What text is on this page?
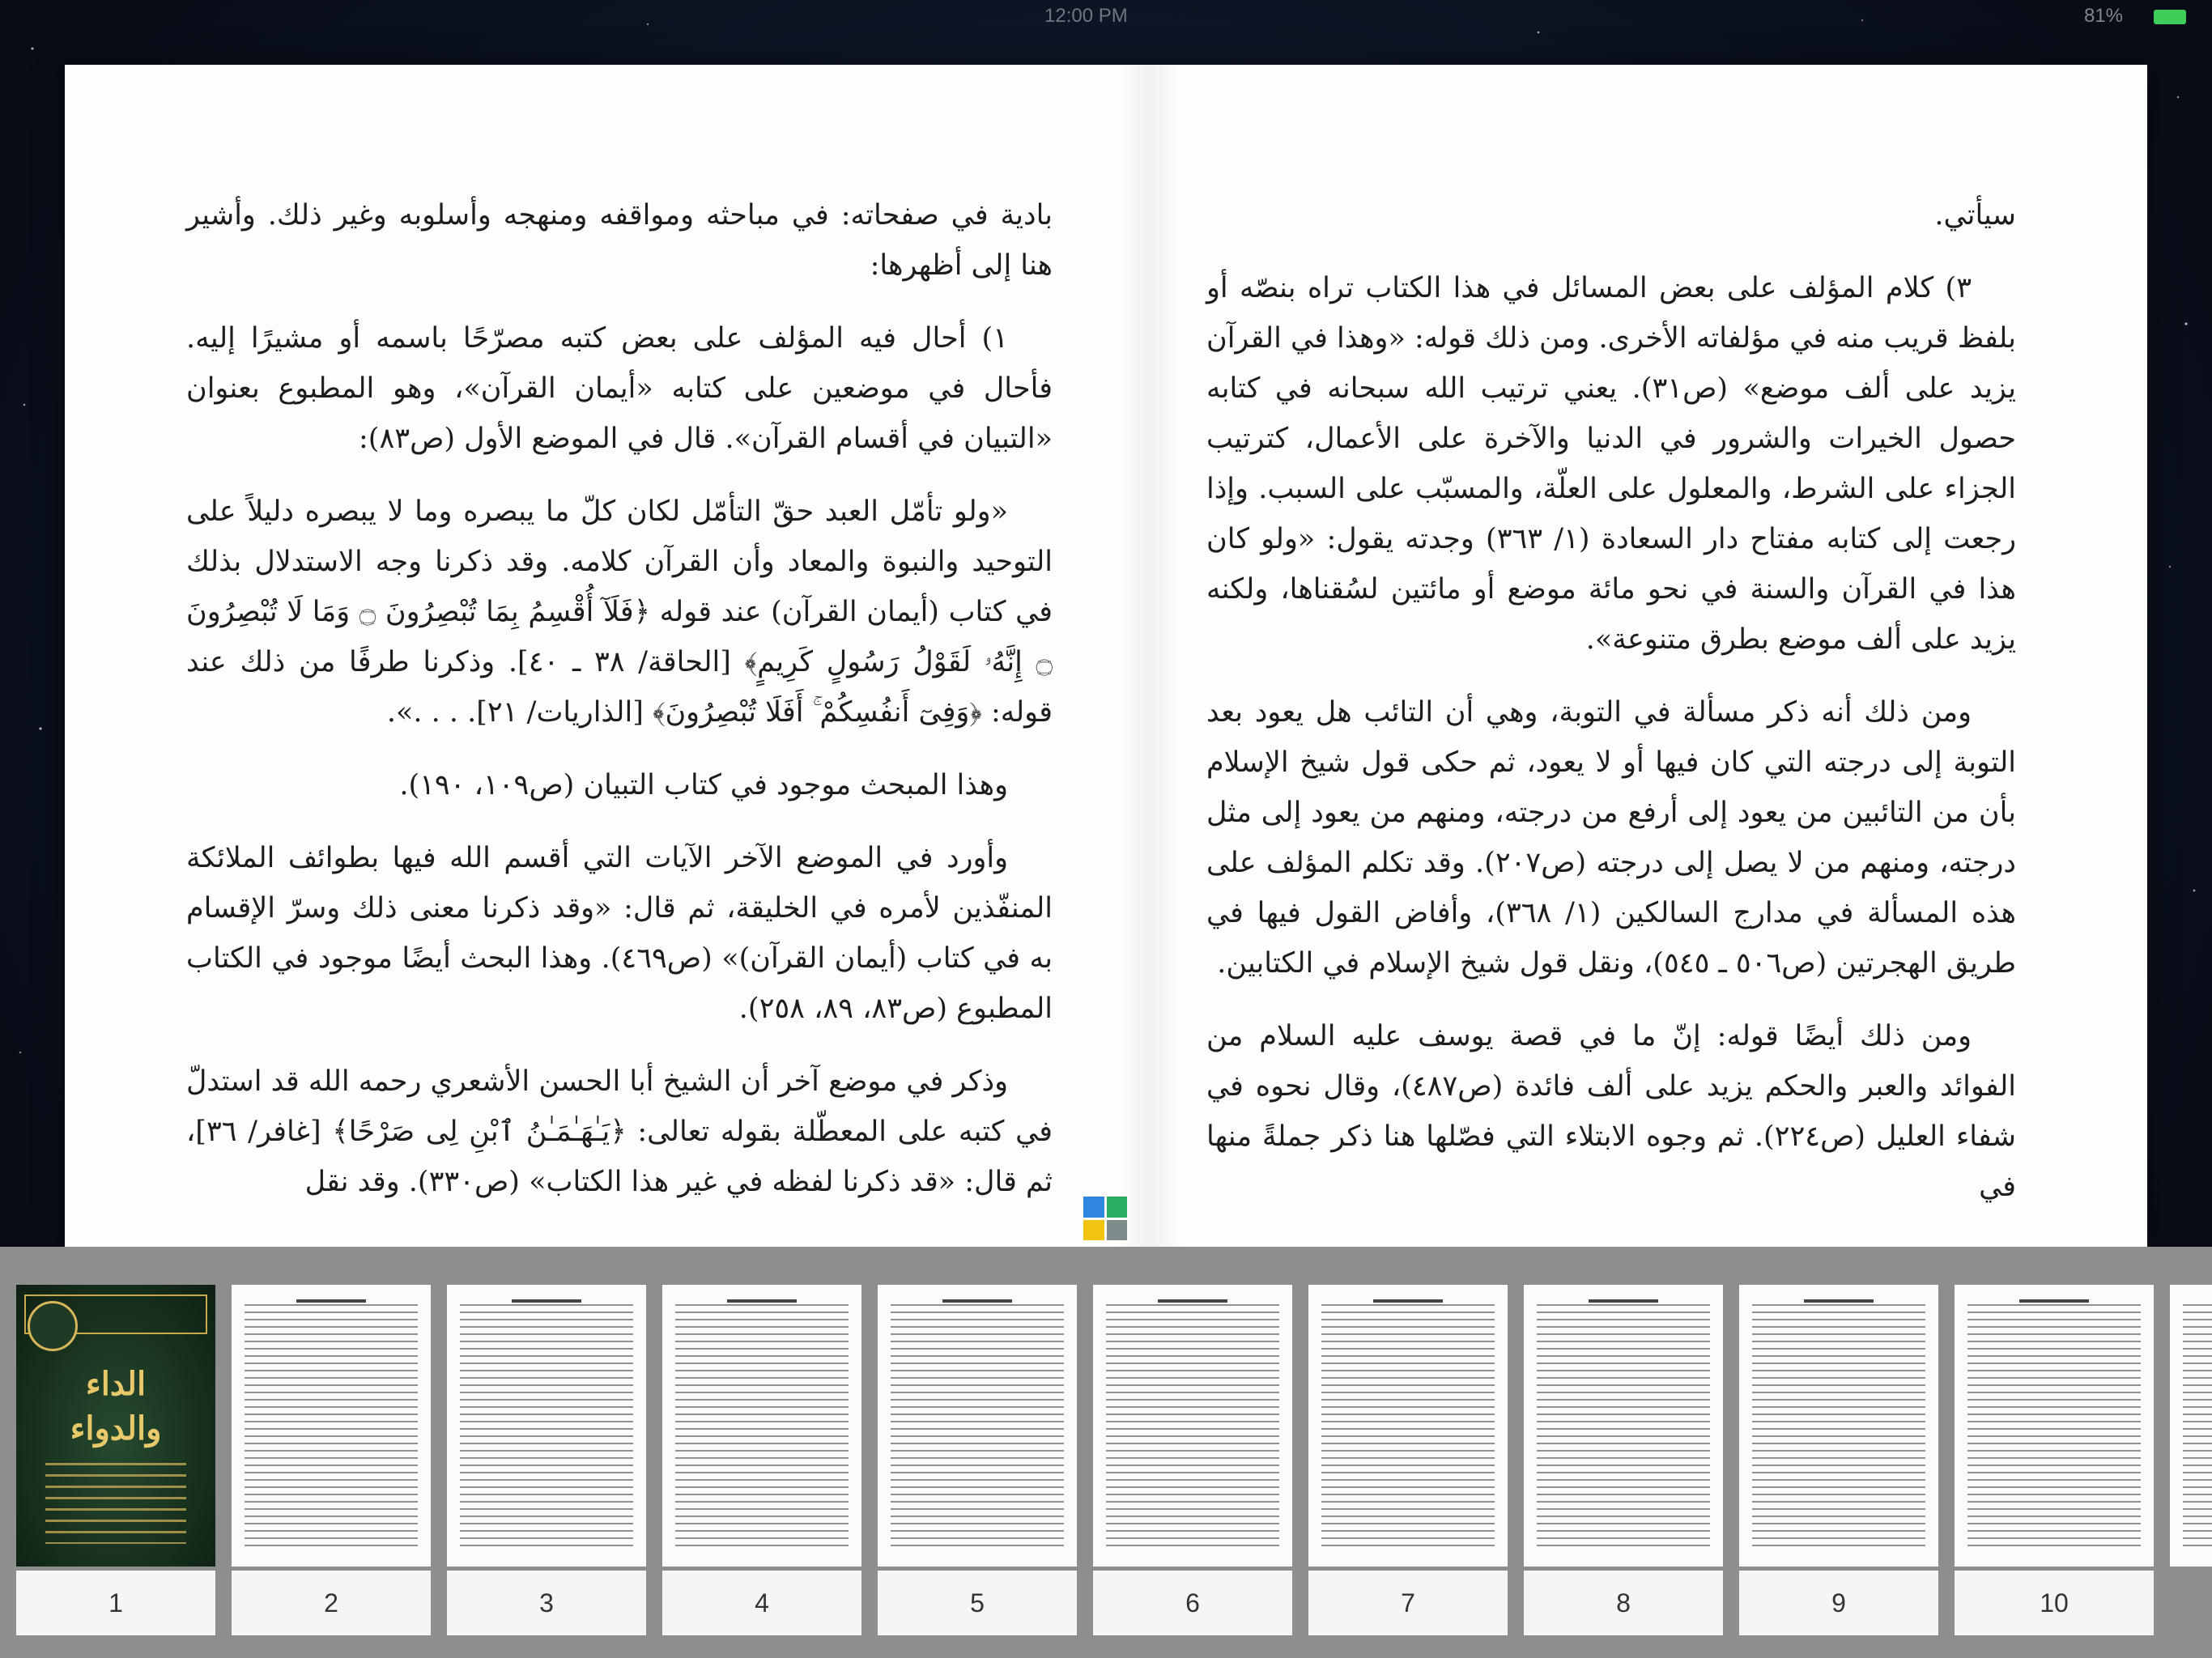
12:00 PM	81%

سيأتي.

٣) كلام المؤلف على بعض المسائل في هذا الكتاب تراه بنصّه أو بلفظ قريب منه في مؤلفاته الأخرى. ومن ذلك قوله: «وهذا في القرآن يزيد على ألف موضع» (ص٣١). يعني ترتيب الله سبحانه في كتابه حصول الخيرات والشرور في الدنيا والآخرة على الأعمال، كترتيب الجزاء على الشرط، والمعلول على العلّة، والمسبّب على السبب. وإذا رجعت إلى كتابه مفتاح دار السعادة (١/ ٣٦٣) وجدته يقول: «ولو كان هذا في القرآن والسنة في نحو مائة موضع أو مائتين لسُقناها، ولكنه يزيد على ألف موضع بطرق متنوعة».

ومن ذلك أنه ذكر مسألة في التوبة، وهي أن التائب هل يعود بعد التوبة إلى درجته التي كان فيها أو لا يعود، ثم حكى قول شيخ الإسلام بأن من التائبين من يعود إلى أرفع من درجته، ومنهم من يعود إلى مثل درجته، ومنهم من لا يصل إلى درجته (ص٢٠٧). وقد تكلم المؤلف على هذه المسألة في مدارج السالكين (١/ ٣٦٨)، وأفاض القول فيها في طريق الهجرتين (ص٥٠٦ ـ ٥٤٥)، ونقل قول شيخ الإسلام في الكتابين.

ومن ذلك أيضًا قوله: إنّ ما في قصة يوسف عليه السلام من الفوائد والعبر والحكم يزيد على ألف فائدة (ص٤٨٧)، وقال نحوه في شفاء العليل (ص٢٢٤). ثم وجوه الابتلاء التي فصّلها هنا ذكر جملةً منها في

بادية في صفحاته: في مباحثه ومواقفه ومنهجه وأسلوبه وغير ذلك. وأشير هنا إلى أظهرها:

١) أحال فيه المؤلف على بعض كتبه مصرّحًا باسمه أو مشيرًا إليه. فأحال في موضعين على كتابه «أيمان القرآن»، وهو المطبوع بعنوان «التبيان في أقسام القرآن». قال في الموضع الأول (ص٨٣):

«ولو تأمّل العبد حقّ التأمّل لكان كلّ ما يبصره وما لا يبصره دليلاً على التوحيد والنبوة والمعاد وأن القرآن كلامه. وقد ذكرنا وجه الاستدلال بذلك في كتاب (أيمان القرآن) عند قوله ﴿فَلَآ أُقْسِمُ بِمَا تُبْصِرُونَ ۝ وَمَا لَا تُبْصِرُونَ ۝ إِنَّهُۥ لَقَوْلُ رَسُولٍ كَرِيمٍ﴾ [الحاقة/ ٣٨ ـ ٤٠]. وذكرنا طرفًا من ذلك عند قوله: ﴿وَفِىٓ أَنفُسِكُمْ ۚ أَفَلَا تُبْصِرُونَ﴾ [الذاريات/ ٢١]. . . .».

وهذا المبحث موجود في كتاب التبيان (ص١٠٩، ١٩٠).

وأورد في الموضع الآخر الآيات التي أقسم الله فيها بطوائف الملائكة المنفّذين لأمره في الخليقة، ثم قال: «وقد ذكرنا معنى ذلك وسرّ الإقسام به في كتاب (أيمان القرآن)» (ص٤٦٩). وهذا البحث أيضًا موجود في الكتاب المطبوع (ص٨٣، ٨٩، ٢٥٨).

وذكر في موضع آخر أن الشيخ أبا الحسن الأشعري رحمه الله قد استدلّ في كتبه على المعطّلة بقوله تعالى: ﴿يَـٰهَـٰمَـٰنُ ٱبْنِ لِى صَرْحًا﴾ [غافر/ ٣٦]، ثم قال: «قد ذكرنا لفظه في غير هذا الكتاب» (ص٣٣٠). وقد نقل

الداء والدواء
1	2	3	4	5	6	7	8	9	10
